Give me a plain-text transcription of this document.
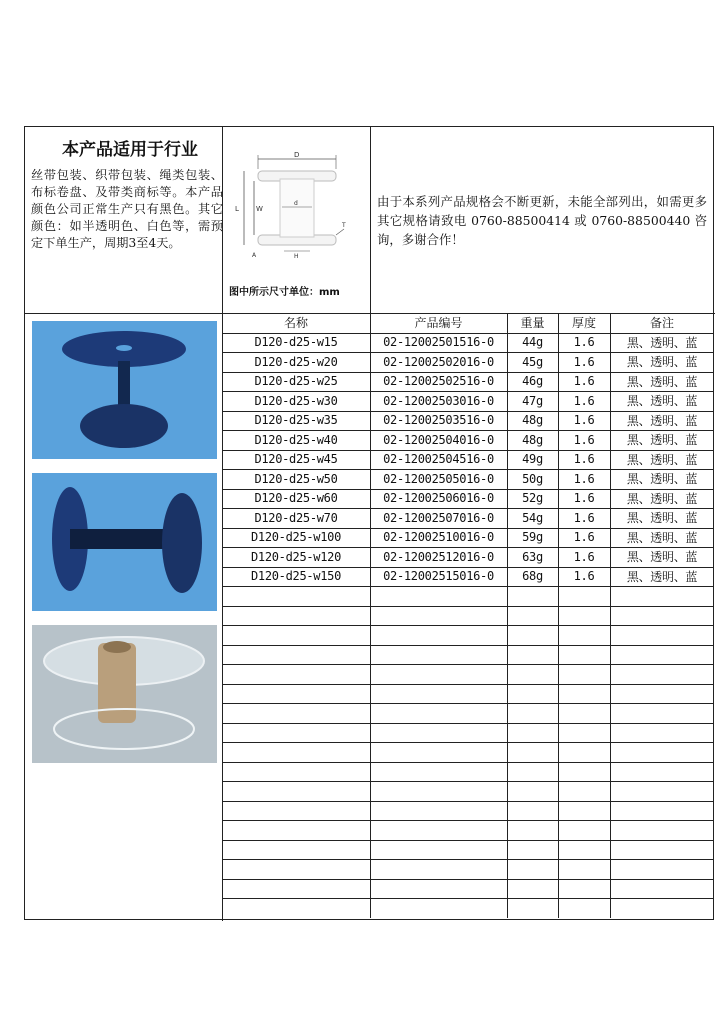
本产品适用于行业
丝带包装、织带包装、绳类包装、布标卷盘、及带类商标等。本产品颜色公司正常生产只有黑色。其它颜色：如半透明色、白色等，需预定下单生产，周期3至4天。
D
L W
d
H
A
T
图中所示尺寸单位：mm
由于本系列产品规格会不断更新，未能全部列出，如需更多其它规格请致电 0760-88500414 或 0760-88500440 咨询，多谢合作！
名称	产品编号	重量	厚度	备注
D120-d25-w15	02-12002501516-0	44g	1.6	黑、透明、蓝
D120-d25-w20	02-12002502016-0	45g	1.6	黑、透明、蓝
D120-d25-w25	02-12002502516-0	46g	1.6	黑、透明、蓝
D120-d25-w30	02-12002503016-0	47g	1.6	黑、透明、蓝
D120-d25-w35	02-12002503516-0	48g	1.6	黑、透明、蓝
D120-d25-w40	02-12002504016-0	48g	1.6	黑、透明、蓝
D120-d25-w45	02-12002504516-0	49g	1.6	黑、透明、蓝
D120-d25-w50	02-12002505016-0	50g	1.6	黑、透明、蓝
D120-d25-w60	02-12002506016-0	52g	1.6	黑、透明、蓝
D120-d25-w70	02-12002507016-0	54g	1.6	黑、透明、蓝
D120-d25-w100	02-12002510016-0	59g	1.6	黑、透明、蓝
D120-d25-w120	02-12002512016-0	63g	1.6	黑、透明、蓝
D120-d25-w150	02-12002515016-0	68g	1.6	黑、透明、蓝
